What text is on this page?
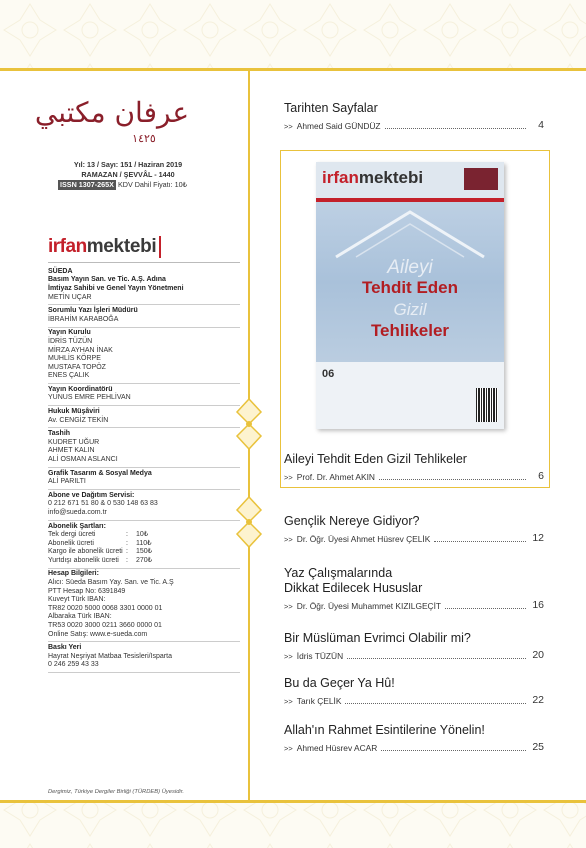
عرفان مكتبي
١٤٢٥
Yıl: 13 / Sayı: 151 / Haziran 2019
RAMAZAN / ŞEVVÂL - 1440
ISSN 1307-265X KDV Dahil Fiyatı: 10₺
irfan mektebi
SÜEDA
Basım Yayın San. ve Tic. A.Ş. Adına
İmtiyaz Sahibi ve Genel Yayın Yönetmeni
METİN UÇAR
Sorumlu Yazı İşleri Müdürü
İBRAHİM KARABOĞA
Yayın Kurulu
İDRİS TÜZÜN
MİRZA AYHAN İNAK
MUHLİS KÖRPE
MUSTAFA TOPÖZ
ENES ÇALIK
Yayın Koordinatörü
YUNUS EMRE PEHLİVAN
Hukuk Müşâviri
Av. CENGİZ TEKİN
Tashih
KUDRET UĞUR
AHMET KALIN
ALİ OSMAN ASLANCI
Grafik Tasarım & Sosyal Medya
ALİ PARILTI
Abone ve Dağıtım Servisi:
0 212 671 51 80 & 0 530 148 63 83
info@sueda.com.tr
Abonelik Şartları:
Tek dergi ücreti	:	10₺
Abonelik ücreti	:	110₺
Kargo ile abonelik ücreti :	150₺
Yurtdışı abonelik ücreti	:	270₺
Hesap Bilgileri:
Alıcı: Süeda Basım Yay. San. ve Tic. A.Ş
PTT Hesap No: 6391849
Kuveyt Türk IBAN:
TR82 0020 5000 0068 3301 0000 01
Albaraka Türk IBAN:
TR53 0020 3000 0211 3660 0000 01
Online Satış: www.e-sueda.com
Baskı Yeri
Hayrat Neşriyat Matbaa Tesisleri/Isparta
0 246 259 43 33
Dergimiz, Türkiye Dergiler Birliği (TÜRDEB) Üyesidir.
Tarihten Sayfalar
>> Ahmed Said GÜNDÜZ	4
irfanmektebi
Aileyi
Tehdit Eden
Gizil
Tehlikeler
06
Aileyi Tehdit Eden Gizil Tehlikeler
>> Prof. Dr. Ahmet AKIN	6
Gençlik Nereye Gidiyor?
>> Dr. Öğr. Üyesi Ahmet Hüsrev ÇELİK	12
Yaz Çalışmalarında
Dikkat Edilecek Hususlar
>> Dr. Öğr. Üyesi Muhammet KIZILGEÇİT	16
Bir Müslüman Evrimci Olabilir mi?
>> İdris TÜZÜN	20
Bu da Geçer Ya Hû!
>> Tarık ÇELİK	22
Allah'ın Rahmet Esintilerine Yönelin!
>> Ahmed Hüsrev ACAR	25
